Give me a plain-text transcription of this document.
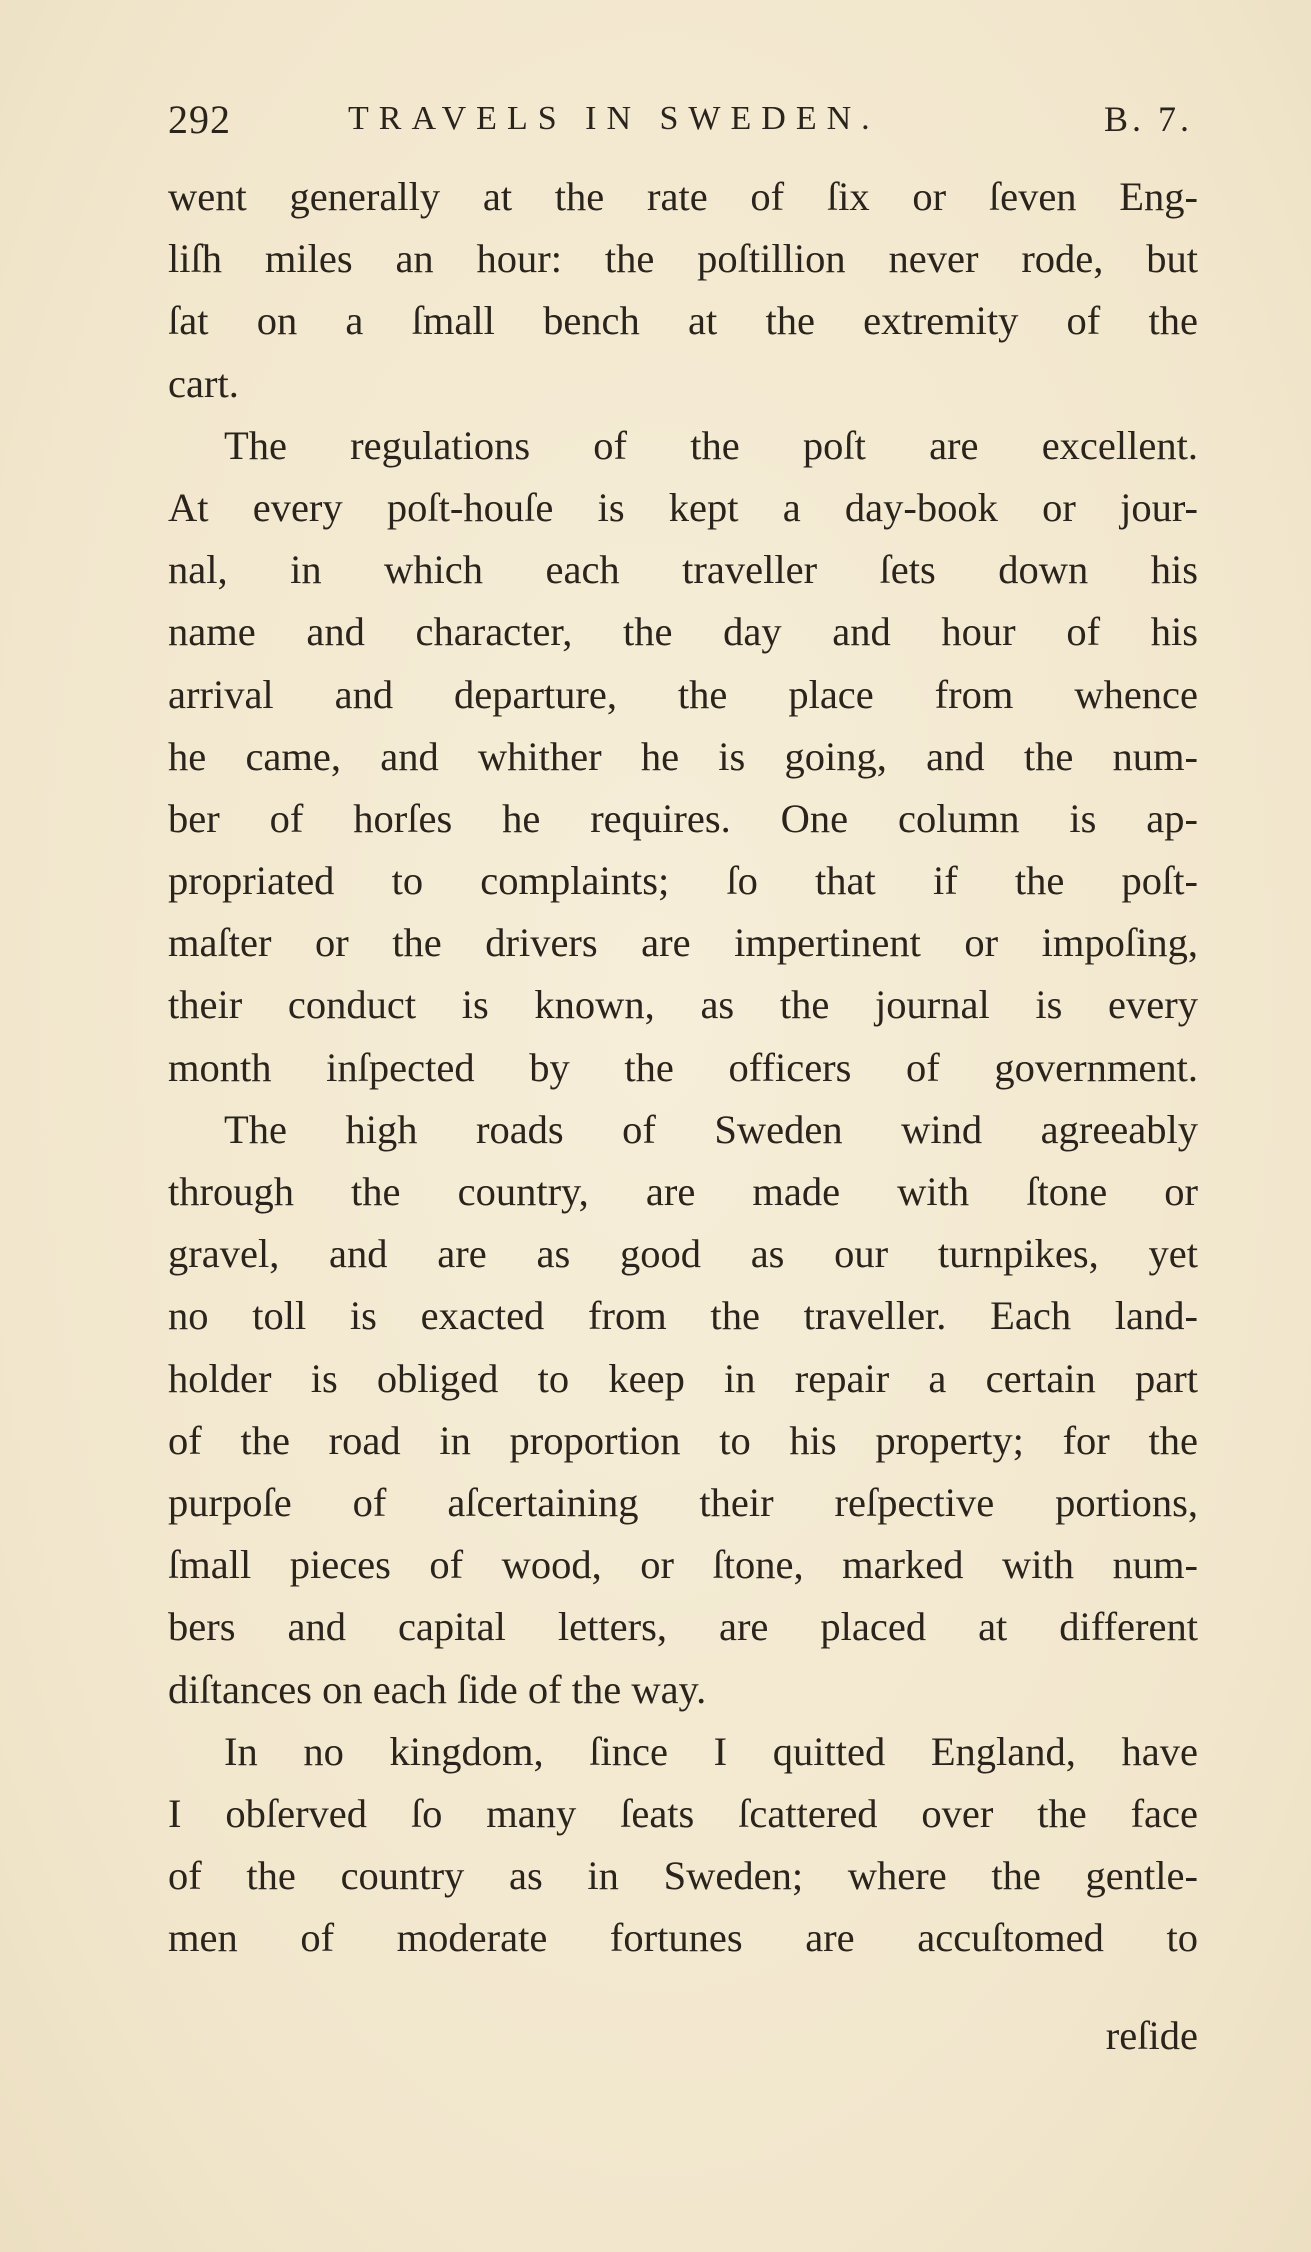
292	TRAVELS IN SWEDEN.	B. 7.
went generally at the rate of ſix or ſeven Eng-
liſh miles an hour: the poſtillion never rode, but
ſat on a ſmall bench at the extremity of the
cart.
The regulations of the poſt are excellent.
At every poſt-houſe is kept a day-book or jour-
nal, in which each traveller ſets down his
name and character, the day and hour of his
arrival and departure, the place from whence
he came, and whither he is going, and the num-
ber of horſes he requires. One column is ap-
propriated to complaints; ſo that if the poſt-
maſter or the drivers are impertinent or impoſing,
their conduct is known, as the journal is every
month inſpected by the officers of government.
The high roads of Sweden wind agreeably
through the country, are made with ſtone or
gravel, and are as good as our turnpikes, yet
no toll is exacted from the traveller. Each land-
holder is obliged to keep in repair a certain part
of the road in proportion to his property; for the
purpoſe of aſcertaining their reſpective portions,
ſmall pieces of wood, or ſtone, marked with num-
bers and capital letters, are placed at different
diſtances on each ſide of the way.
In no kingdom, ſince I quitted England, have
I obſerved ſo many ſeats ſcattered over the face
of the country as in Sweden; where the gentle-
men of moderate fortunes are accuſtomed to
reſide
